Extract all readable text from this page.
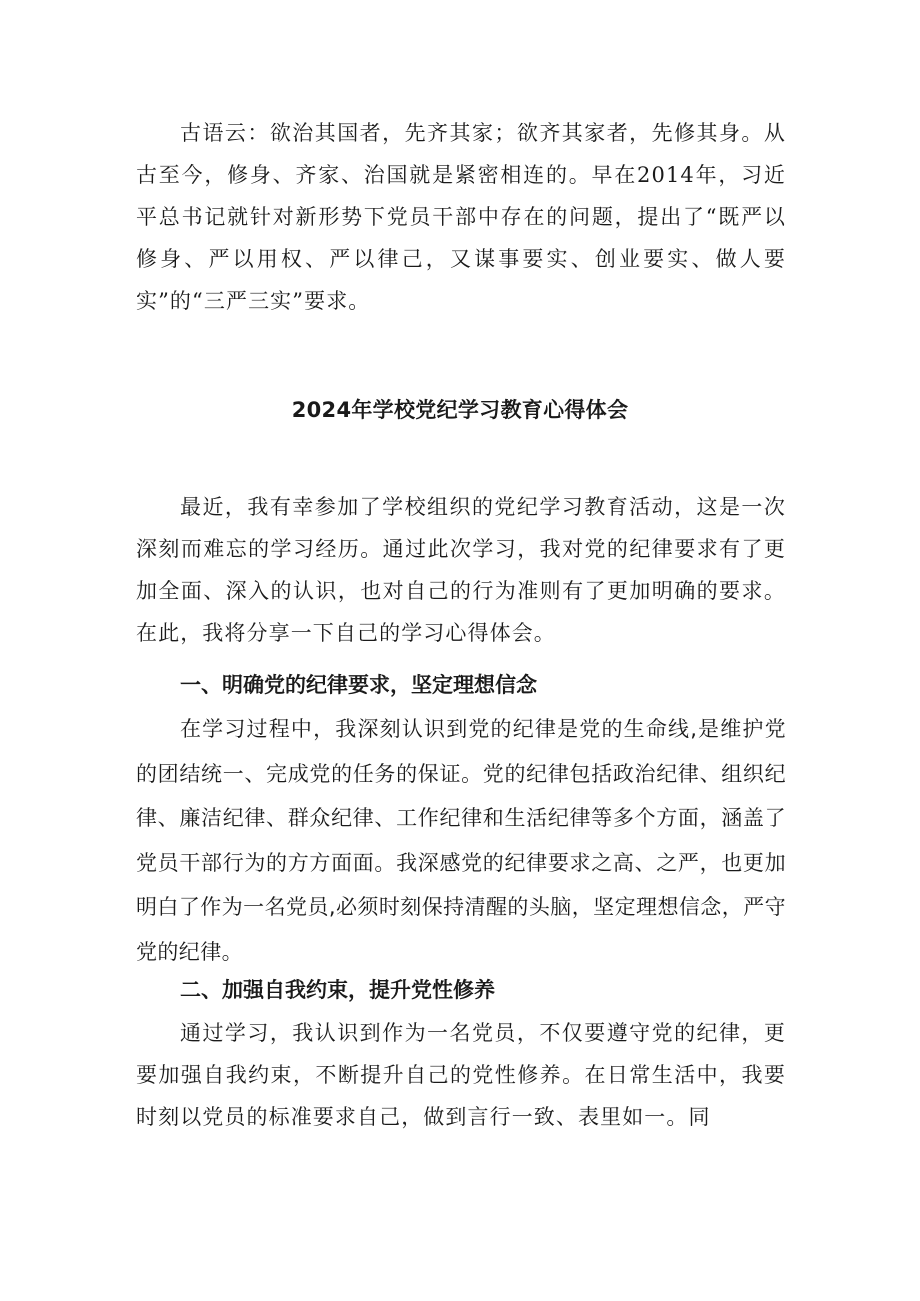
古语云：欲治其国者，先齐其家；欲齐其家者，先修其身。从古至今，修身、齐家、治国就是紧密相连的。早在2014年，习近平总书记就针对新形势下党员干部中存在的问题，提出了“既严以修身、严以用权、严以律己，又谋事要实、创业要实、做人要实”的“三严三实”要求。

2024年学校党纪学习教育心得体会

最近，我有幸参加了学校组织的党纪学习教育活动，这是一次深刻而难忘的学习经历。通过此次学习，我对党的纪律要求有了更加全面、深入的认识，也对自己的行为准则有了更加明确的要求。在此，我将分享一下自己的学习心得体会。

一、明确党的纪律要求，坚定理想信念

在学习过程中，我深刻认识到党的纪律是党的生命线,是维护党的团结统一、完成党的任务的保证。党的纪律包括政治纪律、组织纪律、廉洁纪律、群众纪律、工作纪律和生活纪律等多个方面，涵盖了党员干部行为的方方面面。我深感党的纪律要求之高、之严，也更加明白了作为一名党员,必须时刻保持清醒的头脑，坚定理想信念，严守党的纪律。

二、加强自我约束，提升党性修养

通过学习，我认识到作为一名党员，不仅要遵守党的纪律，更要加强自我约束，不断提升自己的党性修养。在日常生活中，我要时刻以党员的标准要求自己，做到言行一致、表里如一。同
